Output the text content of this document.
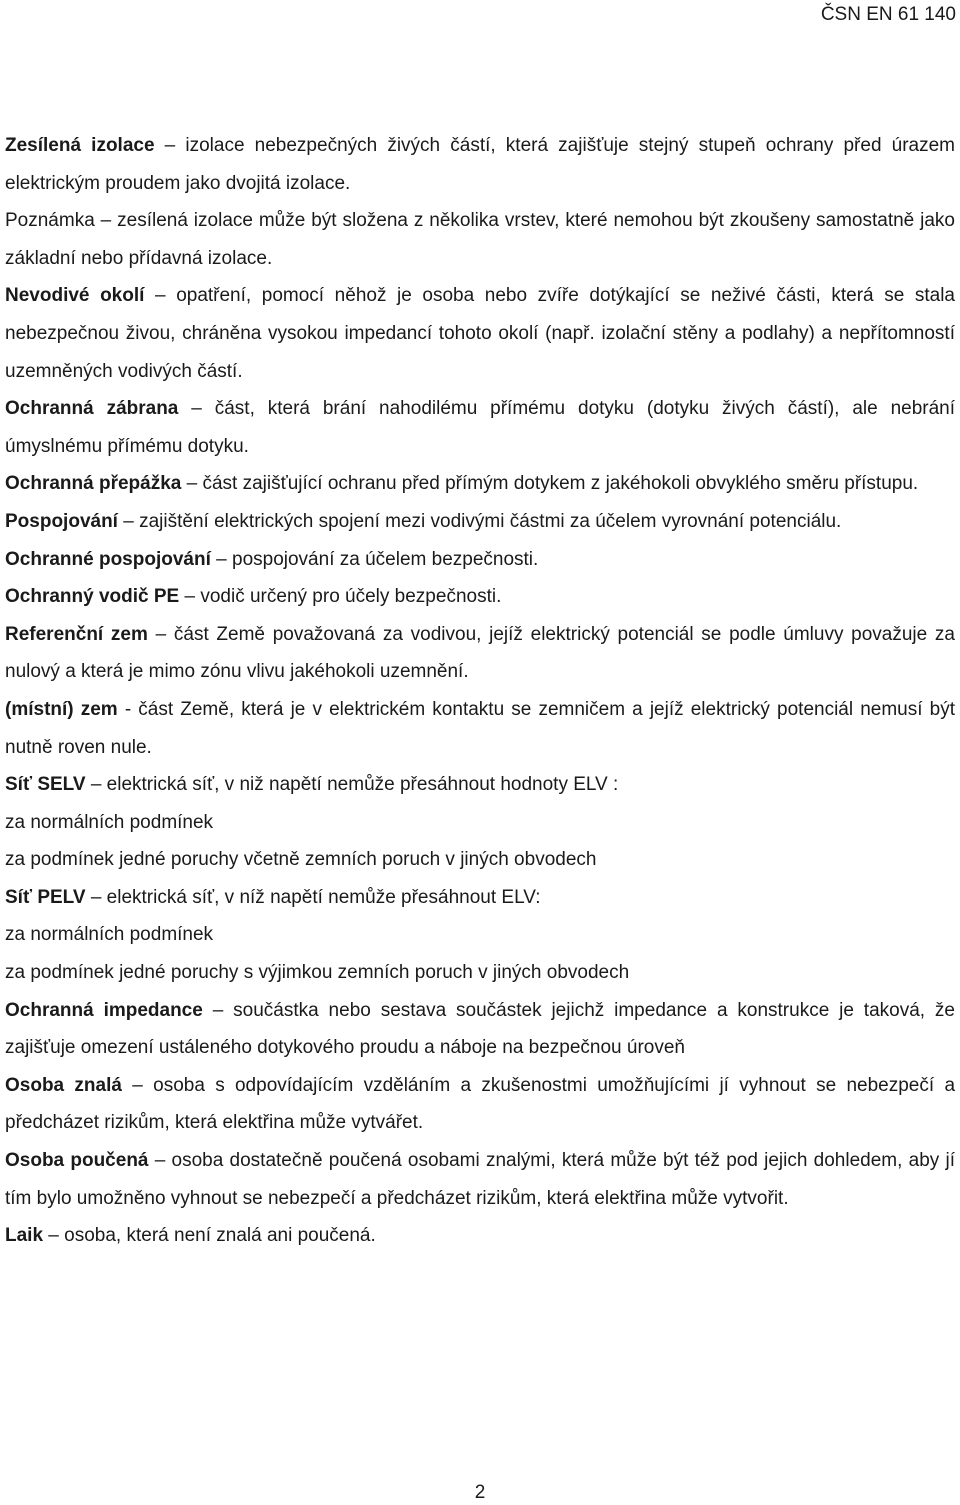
ČSN EN 61 140

Zesílená izolace – izolace nebezpečných živých částí, která zajišťuje stejný stupeň ochrany před úrazem elektrickým proudem jako dvojitá izolace.

Poznámka – zesílená izolace může být složena z několika vrstev, které nemohou být zkoušeny samostatně jako základní nebo přídavná izolace.

Nevodivé okolí – opatření, pomocí něhož je osoba nebo zvíře dotýkající se neživé části, která se stala nebezpečnou živou, chráněna vysokou impedancí tohoto okolí (např. izolační stěny a podlahy) a nepřítomností uzemněných vodivých částí.

Ochranná zábrana – část, která brání nahodilému přímému dotyku (dotyku živých částí), ale nebrání úmyslnému přímému dotyku.

Ochranná přepážka – část zajišťující ochranu před přímým dotykem z jakéhokoli obvyklého směru přístupu.

Pospojování – zajištění elektrických spojení mezi vodivými částmi za účelem vyrovnání potenciálu.

Ochranné pospojování – pospojování za účelem bezpečnosti.

Ochranný vodič PE – vodič určený pro účely bezpečnosti.

Referenční zem – část Země považovaná za vodivou, jejíž elektrický potenciál se podle úmluvy považuje za nulový a která je mimo zónu vlivu jakéhokoli uzemnění.

(místní) zem - část Země, která je v elektrickém kontaktu se zemničem a jejíž elektrický potenciál nemusí být nutně roven nule.

Síť SELV – elektrická síť, v niž napětí nemůže přesáhnout hodnoty ELV :

za normálních podmínek

za podmínek jedné poruchy včetně zemních poruch v jiných obvodech

Síť PELV – elektrická síť, v níž napětí nemůže přesáhnout ELV:

za normálních podmínek

za podmínek jedné poruchy s výjimkou zemních poruch v jiných obvodech

Ochranná impedance – součástka nebo sestava součástek jejichž impedance a konstrukce je taková, že zajišťuje omezení ustáleného dotykového proudu a náboje na bezpečnou úroveň

Osoba znalá – osoba s odpovídajícím vzděláním a zkušenostmi umožňujícími jí vyhnout se nebezpečí a předcházet rizikům, která elektřina může vytvářet.

Osoba poučená – osoba dostatečně poučená osobami znalými, která může být též pod jejich dohledem, aby jí tím bylo umožněno vyhnout se nebezpečí a předcházet rizikům, která elektřina může vytvořit.

Laik – osoba, která není znalá ani poučená.

2
